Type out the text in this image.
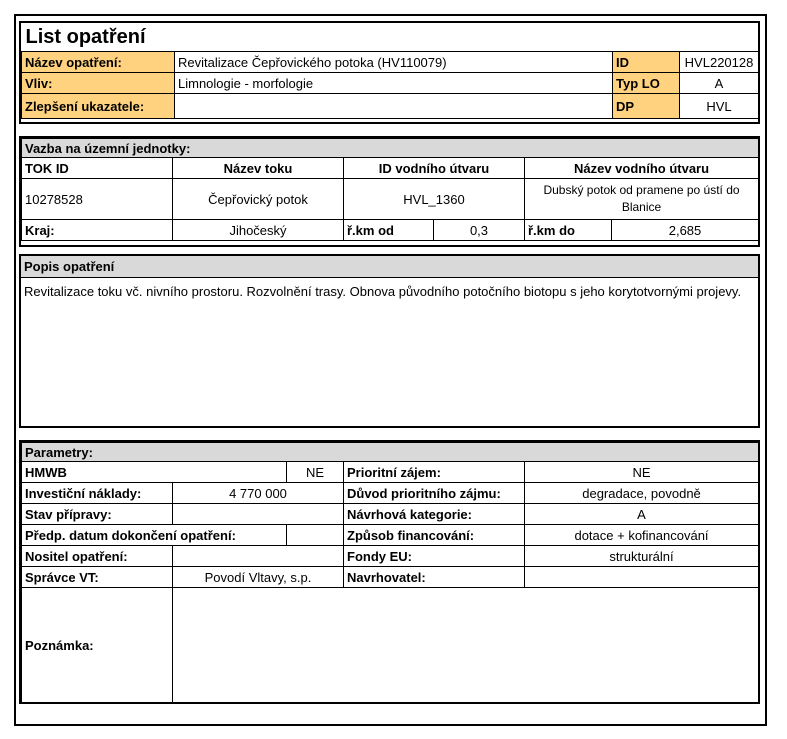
List opatření			
Název opatření:	Revitalizace Čepřovického potoka (HV110079)	ID	HVL220128
Vliv:	Limnologie - morfologie	Typ LO	A
Zlepšení ukazatele:		DP	HVL
Vazba na územní jednotky:					
TOK ID	Název toku	ID vodního útvaru		Název vodního útvaru	
10278528	Čepřovický potok	HVL_1360		Dubský potok od pramene po ústí do Blanice	
Kraj:	Jihočeský	ř.km od	0,3	ř.km do	2,685
Popis opatření
Revitalizace toku vč. nivního prostoru. Rozvolnění trasy. Obnova původního potočního biotopu s jeho korytotvornými projevy.
Parametry:				
HMWB		NE	Prioritní zájem:	NE
Investiční náklady:	4 770 000		Důvod prioritního zájmu:	degradace, povodně
Stav přípravy:			Návrhová kategorie:	A
Předp. datum dokončení opatření:			Způsob financování:	dotace + kofinancování
Nositel opatření:			Fondy EU:	strukturální
Správce VT:	Povodí Vltavy, s.p.		Navrhovatel:	
Poznámka:				
